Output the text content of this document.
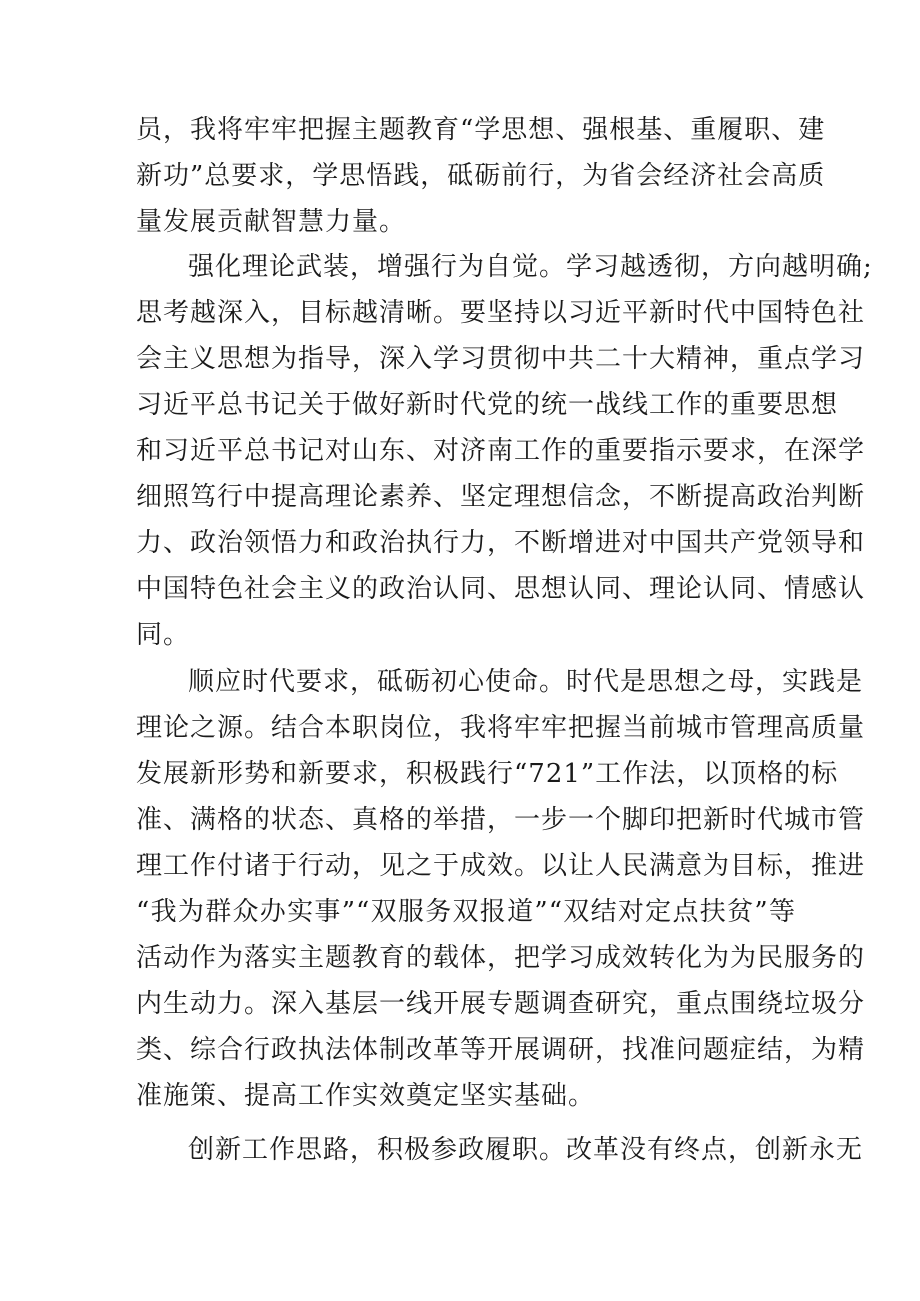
员，我将牢牢把握主题教育“学思想、强根基、重履职、建
新功”总要求，学思悟践，砥砺前行，为省会经济社会高质
量发展贡献智慧力量。
强化理论武装，增强行为自觉。学习越透彻，方向越明确;
思考越深入，目标越清晰。要坚持以习近平新时代中国特色社
会主义思想为指导，深入学习贯彻中共二十大精神，重点学习
习近平总书记关于做好新时代党的统一战线工作的重要思想
和习近平总书记对山东、对济南工作的重要指示要求，在深学
细照笃行中提高理论素养、坚定理想信念，不断提高政治判断
力、政治领悟力和政治执行力，不断增进对中国共产党领导和
中国特色社会主义的政治认同、思想认同、理论认同、情感认
同。
顺应时代要求，砥砺初心使命。时代是思想之母，实践是
理论之源。结合本职岗位，我将牢牢把握当前城市管理高质量
发展新形势和新要求，积极践行“721”工作法，以顶格的标
准、满格的状态、真格的举措，一步一个脚印把新时代城市管
理工作付诸于行动，见之于成效。以让人民满意为目标，推进
“我为群众办实事”“双服务双报道”“双结对定点扶贫”等
活动作为落实主题教育的载体，把学习成效转化为为民服务的
内生动力。深入基层一线开展专题调查研究，重点围绕垃圾分
类、综合行政执法体制改革等开展调研，找准问题症结，为精
准施策、提高工作实效奠定坚实基础。
创新工作思路，积极参政履职。改革没有终点，创新永无
